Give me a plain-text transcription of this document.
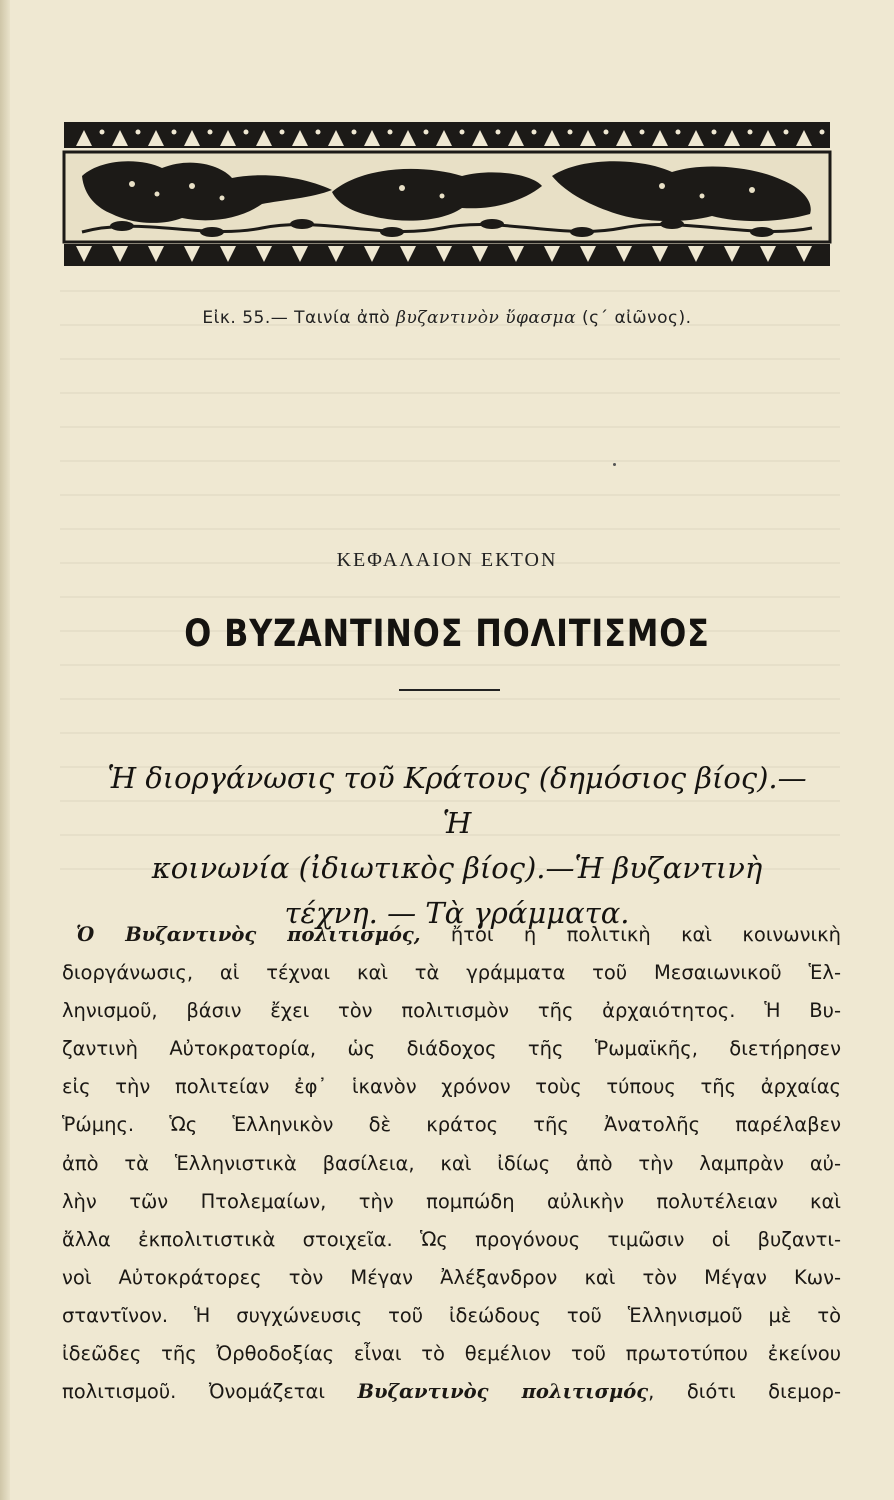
Εἰκ. 55.— Ταινία ἀπὸ βυζαντινὸν ὕφασμα (ς΄ αἰῶνος).
ΚΕΦΑΛΑΙΟΝ ΕΚΤΟΝ
Ο ΒΥΖΑΝΤΙΝΟΣ ΠΟΛΙΤΙΣΜΟΣ
Ἡ διοργάνωσις τοῦ Κράτους (δημόσιος βίος).—Ἡ
κοινωνία (ἰδιωτικὸς βίος).—Ἡ βυζαντινὴ
τέχνη. — Τὰ γράμματα.
Ὁ Βυζαντινὸς πολιτισμός, ἤτοι ἡ πολιτικὴ καὶ κοινωνικὴ
διοργάνωσις, αἱ τέχναι καὶ τὰ γράμματα τοῦ Μεσαιωνικοῦ Ἑλ-
ληνισμοῦ, βάσιν ἔχει τὸν πολιτισμὸν τῆς ἀρχαιότητος. Ἡ Βυ-
ζαντινὴ Αὐτοκρατορία, ὡς διάδοχος τῆς Ῥωμαϊκῆς, διετήρησεν
εἰς τὴν πολιτείαν ἐφ᾽ ἱκανὸν χρόνον τοὺς τύπους τῆς ἀρχαίας
Ῥώμης. Ὡς Ἑλληνικὸν δὲ κράτος τῆς Ἀνατολῆς παρέλαβεν
ἀπὸ τὰ Ἑλληνιστικὰ βασίλεια, καὶ ἰδίως ἀπὸ τὴν λαμπρὰν αὐ-
λὴν τῶν Πτολεμαίων, τὴν πομπώδη αὐλικὴν πολυτέλειαν καὶ
ἄλλα ἐκπολιτιστικὰ στοιχεῖα. Ὡς προγόνους τιμῶσιν οἱ βυζαντι-
νοὶ Αὐτοκράτορες τὸν Μέγαν Ἀλέξανδρον καὶ τὸν Μέγαν Κων-
σταντῖνον. Ἡ συγχώνευσις τοῦ ἰδεώδους τοῦ Ἑλληνισμοῦ μὲ τὸ
ἰδεῶδες τῆς Ὀρθοδοξίας εἶναι τὸ θεμέλιον τοῦ πρωτοτύπου ἐκείνου
πολιτισμοῦ. Ὀνομάζεται Βυζαντινὸς πολιτισμός, διότι διεμορ-
